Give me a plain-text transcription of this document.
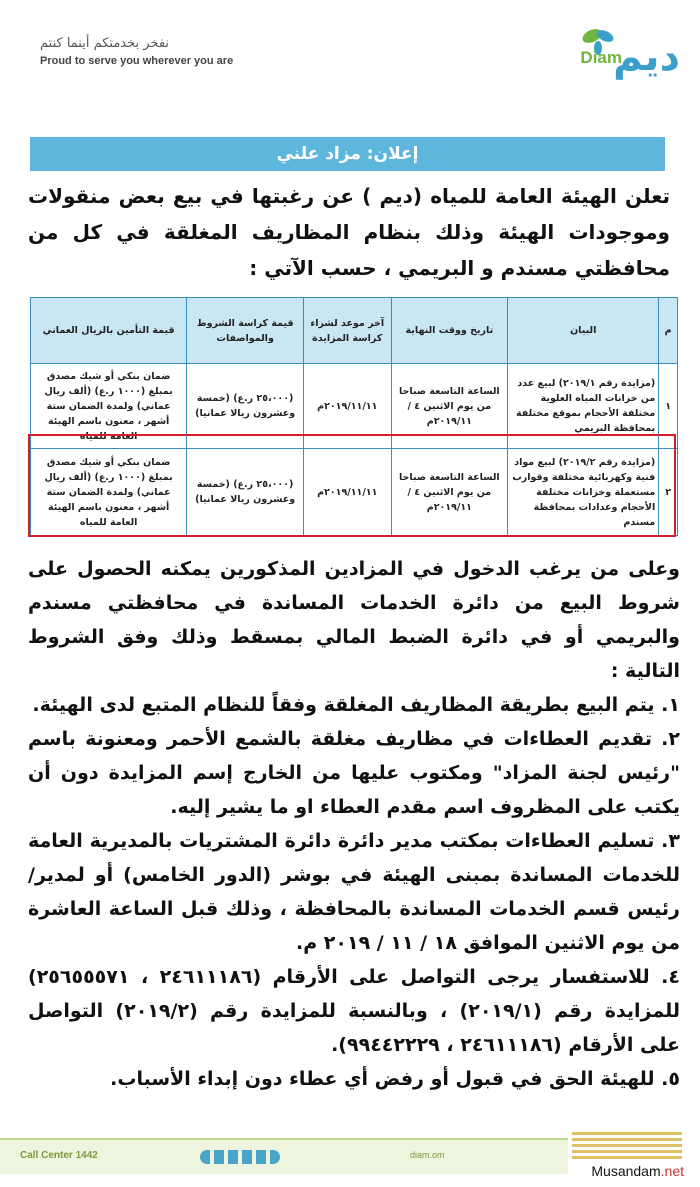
نفخر بخدمتكم أينما كنتم
Proud to serve you wherever you are	Diam
ديم
إعلان: مزاد علني
تعلن الهيئة العامة للمياه (ديم ) عن رغبتها في بيع بعض منقولات وموجودات الهيئة وذلك بنظام المظاريف المغلقة في كل من محافظتي مسندم و البريمي ، حسب الآتي :
م	البيان	تاريخ ووقت النهاية	آخر موعد لشراء كراسة المزايدة	قيمة كراسة الشروط والمواصفات	قيمة التأمين بالريال العماني
١	(مزايدة رقم ٢٠١٩/١) لبيع عدد من خزانات المياه العلوية مختلفة الأحجام بموقع مختلفة بمحافظة البريمي	الساعة التاسعة صباحا من يوم الاثنين ٤ / ٢٠١٩/١١م	٢٠١٩/١١/١١م	(٢٥،٠٠٠ ر.ع) (خمسة وعشرون ريالا عمانيا)	ضمان بنكي أو شيك مصدق بمبلغ (١٠٠٠ ر.ع) (ألف ريال عماني) ولمدة الضمان ستة أشهر ، معنون باسم الهيئة العامة للمياه
٢	(مزايدة رقم ٢٠١٩/٢) لبيع مواد فنية وكهربائية مختلفة وقوارب مستعملة وخزانات مختلفة الأحجام وعدادات بمحافظة مسندم	الساعة التاسعة صباحا من يوم الاثنين ٤ / ٢٠١٩/١١م	٢٠١٩/١١/١١م	(٢٥،٠٠٠ ر.ع) (خمسة وعشرون ريالا عمانيا)	ضمان بنكي أو شيك مصدق بمبلغ (١٠٠٠ ر.ع) (ألف ريال عماني) ولمدة الضمان ستة أشهر ، معنون باسم الهيئة العامة للمياه

وعلى من يرغب الدخول في المزادين المذكورين يمكنه الحصول على شروط البيع من دائرة الخدمات المساندة في محافظتي مسندم والبريمي أو في دائرة الضبط المالي بمسقط وذلك وفق الشروط التالية :

١. يتم البيع بطريقة المظاريف المغلقة وفقاً للنظام المتبع لدى الهيئة.

٢. تقديم العطاءات في مظاريف مغلقة بالشمع الأحمر ومعنونة باسم "رئيس لجنة المزاد" ومكتوب عليها من الخارج إسم المزايدة دون أن يكتب على المظروف اسم مقدم العطاء او ما يشير إليه.

٣. تسليم العطاءات بمكتب مدير دائرة دائرة المشتريات بالمديرية العامة للخدمات المساندة بمبنى الهيئة في بوشر (الدور الخامس) أو لمدير/رئيس قسم الخدمات المساندة بالمحافظة ، وذلك قبل الساعة العاشرة من يوم الاثنين الموافق ١٨ / ١١ / ٢٠١٩ م.

٤. للاستفسار يرجى التواصل على الأرقام (٢٤٦١١١٨٦ ، ٢٥٦٥٥٥٧١) للمزايدة رقم (٢٠١٩/١) ، وبالنسبة للمزايدة رقم (٢٠١٩/٢) التواصل على الأرقام (٢٤٦١١١٨٦ ، ٩٩٤٤٢٢٢٩).

٥. للهيئة الحق في قبول أو رفض أي عطاء دون إبداء الأسباب.

Call Center 1442	diam.om
Musandam.net
